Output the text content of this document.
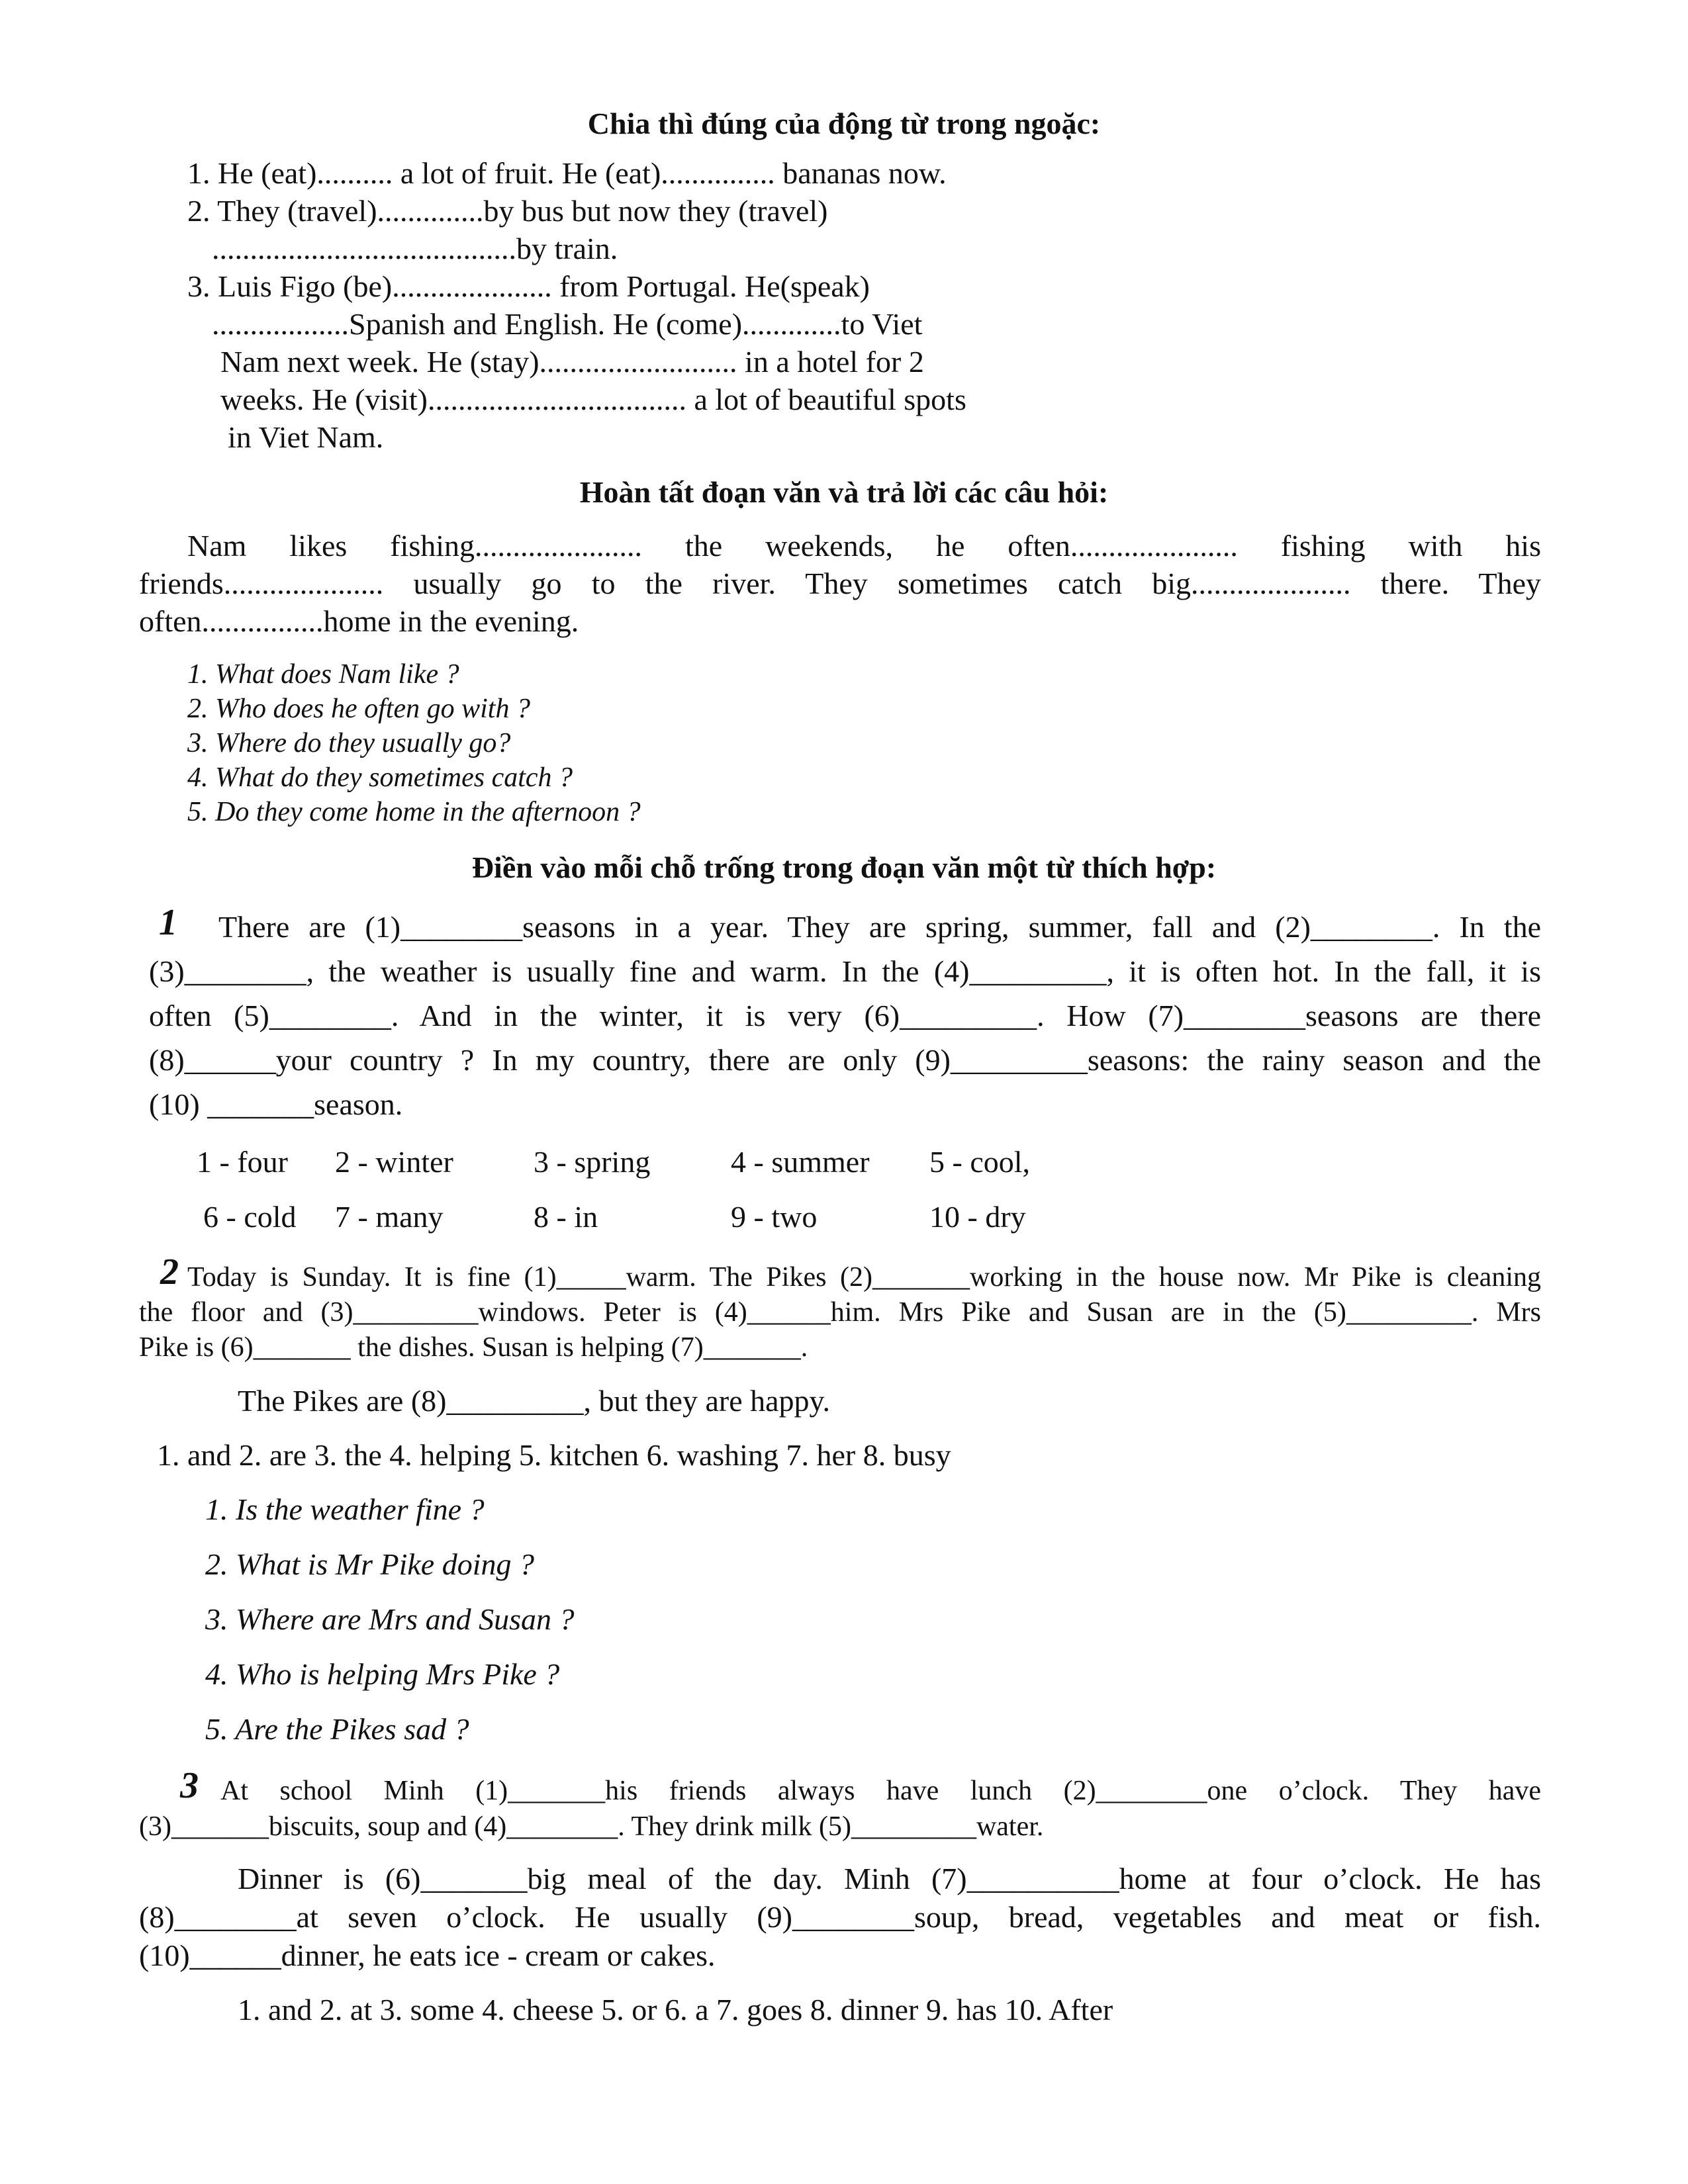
Chia thì đúng của động từ trong ngoặc:
1. He (eat).......... a lot of fruit. He (eat)............... bananas now.
2. They (travel)..............by bus but now they (travel)
........................................by train.
3. Luis Figo (be)..................... from Portugal. He(speak)
..................Spanish and English. He (come).............to Viet
Nam next week. He (stay).......................... in a hotel for 2
weeks. He (visit).................................. a lot of beautiful spots
in Viet Nam.
Hoàn tất đoạn văn và trả lời các câu hỏi:
Nam likes fishing...................... the weekends, he often...................... fishing with his
friends..................... usually go to the river. They sometimes catch big..................... there. They
often................home in the evening.
1. What does Nam like ?
2. Who does he often go with ?
3. Where do they usually go?
4. What do they sometimes catch ?
5. Do they come home in the afternoon ?
Điền vào mỗi chỗ trống trong đoạn văn một từ thích hợp:
1 There are (1)________seasons in a year. They are spring, summer, fall and (2)________. In the
(3)________, the weather is usually fine and warm. In the (4)_________, it is often hot. In the fall, it is
often (5)________. And in the winter, it is very (6)_________. How (7)________seasons are there
(8)______your country ? In my country, there are only (9)_________seasons: the rainy season and the
(10) _______season.
1 - four 2 - winter	3 - spring	4 - summer 5 - cool,
6 - cold 7 - many	8 - in	9 - two	10 - dry
2 Today is Sunday. It is fine (1)_____warm. The Pikes (2)_______working in the house now. Mr Pike is cleaning
the floor and (3)_________windows. Peter is (4)______him. Mrs Pike and Susan are in the (5)_________. Mrs
Pike is (6)_______ the dishes. Susan is helping (7)_______.
The Pikes are (8)_________, but they are happy.
1. and 2. are 3. the 4. helping 5. kitchen 6. washing 7. her 8. busy
1. Is the weather fine ?
2. What is Mr Pike doing ?
3. Where are Mrs and Susan ?
4. Who is helping Mrs Pike ?
5. Are the Pikes sad ?
3 At school Minh (1)_______his friends always have lunch (2)________one o’clock. They have
(3)_______biscuits, soup and (4)________. They drink milk (5)_________water.
Dinner is (6)_______big meal of the day. Minh (7)__________home at four o’clock. He has
(8)________at seven o’clock. He usually (9)________soup, bread, vegetables and meat or fish.
(10)______dinner, he eats ice - cream or cakes.
1. and 2. at 3. some 4. cheese 5. or 6. a 7. goes 8. dinner 9. has 10. After
